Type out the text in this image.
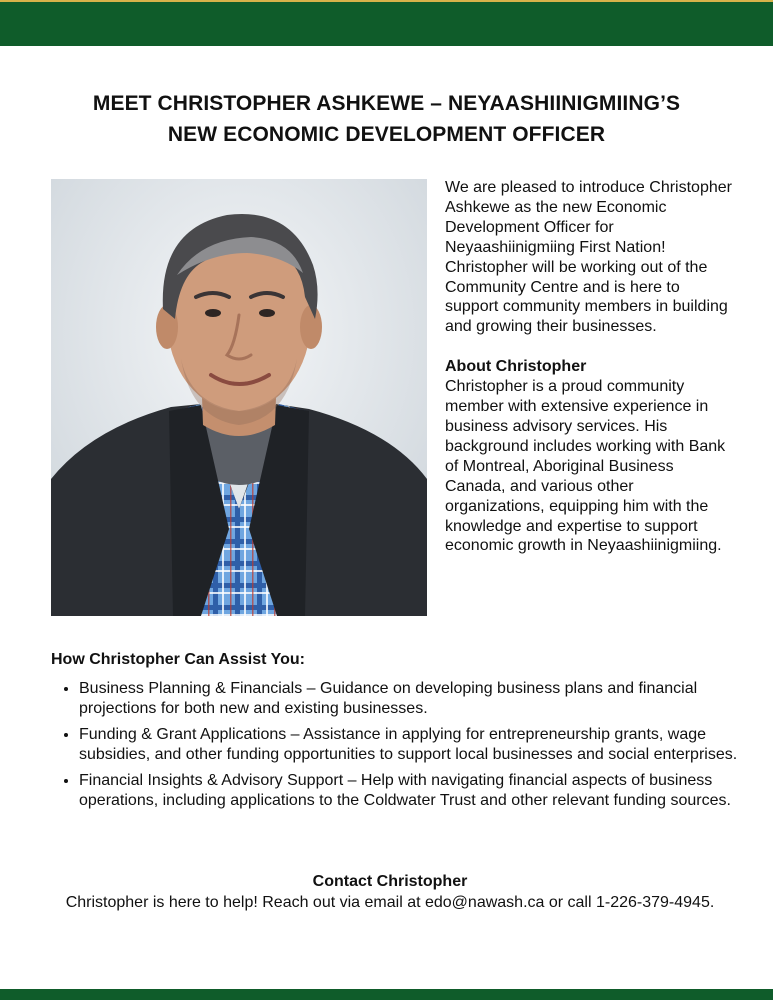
MEET CHRISTOPHER ASHKEWE – NEYAASHIINIGMIING’S
NEW ECONOMIC DEVELOPMENT OFFICER

We are pleased to introduce Christopher Ashkewe as the new Economic Development Officer for Neyaashiinigmiing First Nation! Christopher will be working out of the Community Centre and is here to support community members in building and growing their businesses.

About Christopher

Christopher is a proud community member with extensive experience in business advisory services. His background includes working with Bank of Montreal, Aboriginal Business Canada, and various other organizations, equipping him with the knowledge and expertise to support economic growth in Neyaashiinigmiing.

How Christopher Can Assist You:
• Business Planning & Financials – Guidance on developing business plans and financial projections for both new and existing businesses.
• Funding & Grant Applications – Assistance in applying for entrepreneurship grants, wage subsidies, and other funding opportunities to support local businesses and social enterprises.
• Financial Insights & Advisory Support – Help with navigating financial aspects of business operations, including applications to the Coldwater Trust and other relevant funding sources.
Contact Christopher

Christopher is here to help! Reach out via email at edo@nawash.ca or call 1-226-379-4945.
